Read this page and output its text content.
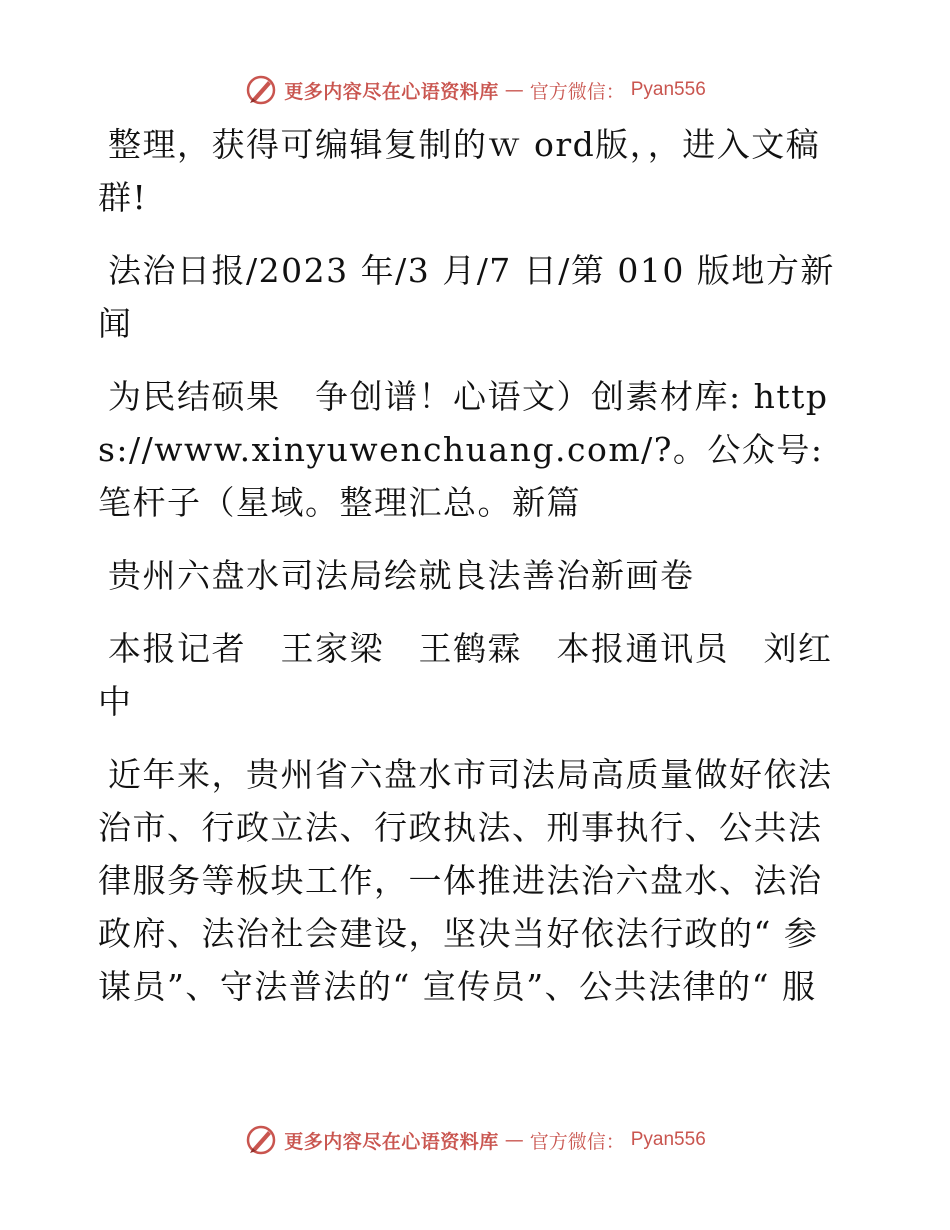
更多内容尽在心语资料库 — 官方微信： Pyan556

整理，获得可编辑复制的ｗ ord版，，进入文稿群!

法治日报/2023 年/3 月/7 日/第 010 版地方新闻

为民结硕果　争创谱！心语文）创素材库: https://www.xinyuwenchuang.com/?。公众号: 笔杆子（星域。整理汇总。新篇

贵州六盘水司法局绘就良法善治新画卷

本报记者　王家梁　王鹤霖　本报通讯员　刘红中

近年来，贵州省六盘水市司法局高质量做好依法治市、行政立法、行政执法、刑事执行、公共法律服务等板块工作，一体推进法治六盘水、法治政府、法治社会建设，坚决当好依法行政的“ 参谋员”、守法普法的“ 宣传员”、公共法律的“ 服

更多内容尽在心语资料库 — 官方微信： Pyan556
